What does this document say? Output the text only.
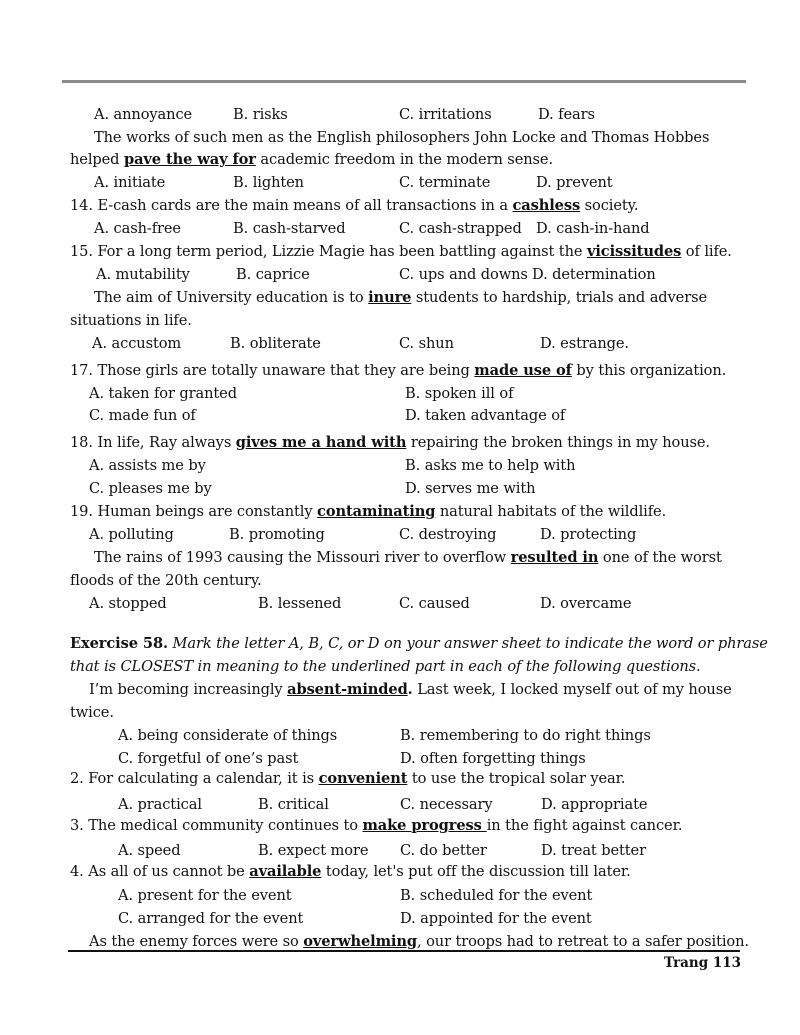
A. annoyance	B. risks	C. irritations	D. fears
The works of such men as the English philosophers John Locke and Thomas Hobbes
helped pave the way for academic freedom in the modern sense.
A. initiate	B. lighten	C. terminate	D. prevent
14. E-cash cards are the main means of all transactions in a cashless society.
A. cash-free	B. cash-starved	C. cash-strapped D. cash-in-hand
15. For a long term period, Lizzie Magie has been battling against the vicissitudes of life.
A. mutability	B. caprice	C. ups and downs D. determination
The aim of University education is to inure students to hardship, trials and adverse
situations in life.
A. accustom	B. obliterate	C. shun	D. estrange.
17. Those girls are totally unaware that they are being made use of by this organization.
A. taken for granted	B. spoken ill of
C. made fun of	D. taken advantage of
18. In life, Ray always gives me a hand with repairing the broken things in my house.
A. assists me by	B. asks me to help with
C. pleases me by	D. serves me with
19. Human beings are constantly contaminating natural habitats of the wildlife.
A. polluting	B. promoting	C. destroying	D. protecting
The rains of 1993 causing the Missouri river to overflow resulted in one of the worst
floods of the 20th century.
A. stopped	B. lessened	C. caused	D. overcame
Exercise 58. Mark the letter A, B, C, or D on your answer sheet to indicate the word or phrase
that is CLOSEST in meaning to the underlined part in each of the following questions.
I’m becoming increasingly absent-minded. Last week, I locked myself out of my house
twice.
A. being considerate of things	B. remembering to do right things
C. forgetful of one’s past	D. often forgetting things
2. For calculating a calendar, it is convenient to use the tropical solar year.
A. practical	B. critical	C. necessary	D. appropriate
3. The medical community continues to make progress in the fight against cancer.
A. speed	B. expect more C. do better	D. treat better
4. As all of us cannot be available today, let's put off the discussion till later.
A. present for the event	B. scheduled for the event
C. arranged for the event	D. appointed for the event
As the enemy forces were so overwhelming, our troops had to retreat to a safer position.
Trang 113
